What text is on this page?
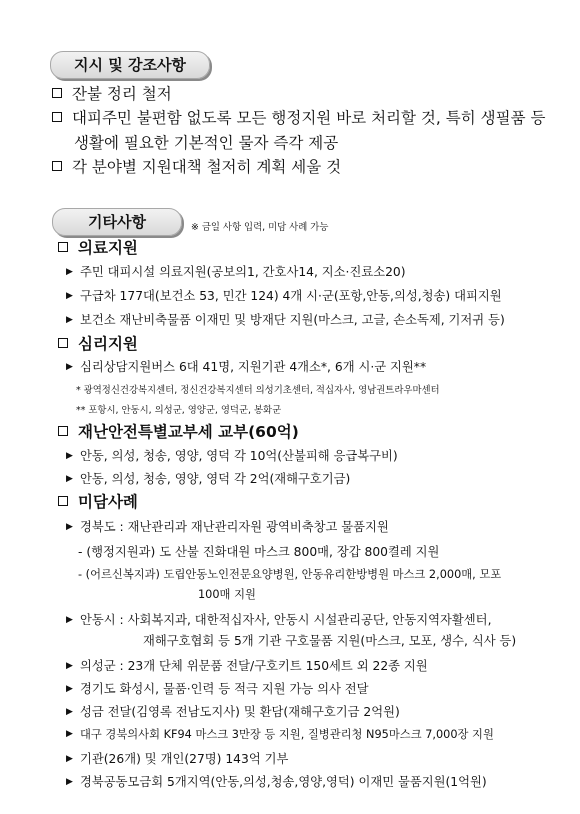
지시 및 강조사항
잔불 정리 철저
대피주민 불편함 없도록 모든 행정지원 바로 처리할 것, 특히 생필품 등
생활에 필요한 기본적인 물자 즉각 제공
각 분야별 지원대책 철저히 계획 세울 것
기타사항	※ 금일 사항 입력, 미담 사례 가능
의료지원
▶ 주민 대피시설 의료지원(공보의1, 간호사14, 지소·진료소20)
▶ 구급차 177대(보건소 53, 민간 124) 4개 시·군(포항,안동,의성,청송) 대피지원
▶ 보건소 재난비축물품 이재민 및 방재단 지원(마스크, 고글, 손소독제, 기저귀 등)
심리지원
▶ 심리상담지원버스 6대 41명, 지원기관 4개소*, 6개 시·군 지원**
* 광역정신건강복지센터, 정신건강복지센터 의성기초센터, 적십자사, 영남권트라우마센터
** 포항시, 안동시, 의성군, 영양군, 영덕군, 봉화군
재난안전특별교부세 교부(60억)
▶ 안동, 의성, 청송, 영양, 영덕 각 10억(산불피해 응급복구비)
▶ 안동, 의성, 청송, 영양, 영덕 각 2억(재해구호기금)
미담사례
▶ 경북도 : 재난관리과 재난관리자원 광역비축창고 물품지원
- (행정지원과) 도 산불 진화대원 마스크 800매, 장갑 800켤레 지원
- (어르신복지과) 도립안동노인전문요양병원, 안동유리한방병원 마스크 2,000매, 모포
100매 지원
▶ 안동시 : 사회복지과, 대한적십자사, 안동시 시설관리공단, 안동지역자활센터,
재해구호협회 등 5개 기관 구호물품 지원(마스크, 모포, 생수, 식사 등)
▶ 의성군 : 23개 단체 위문품 전달/구호키트 150세트 외 22종 지원
▶ 경기도 화성시, 물품·인력 등 적극 지원 가능 의사 전달
▶ 성금 전달(김영록 전남도지사) 및 환담(재해구호기금 2억원)
▶ 대구 경북의사회 KF94 마스크 3만장 등 지원, 질병관리청 N95마스크 7,000장 지원
▶ 기관(26개) 및 개인(27명) 143억 기부
▶ 경북공동모금회 5개지역(안동,의성,청송,영양,영덕) 이재민 물품지원(1억원)
